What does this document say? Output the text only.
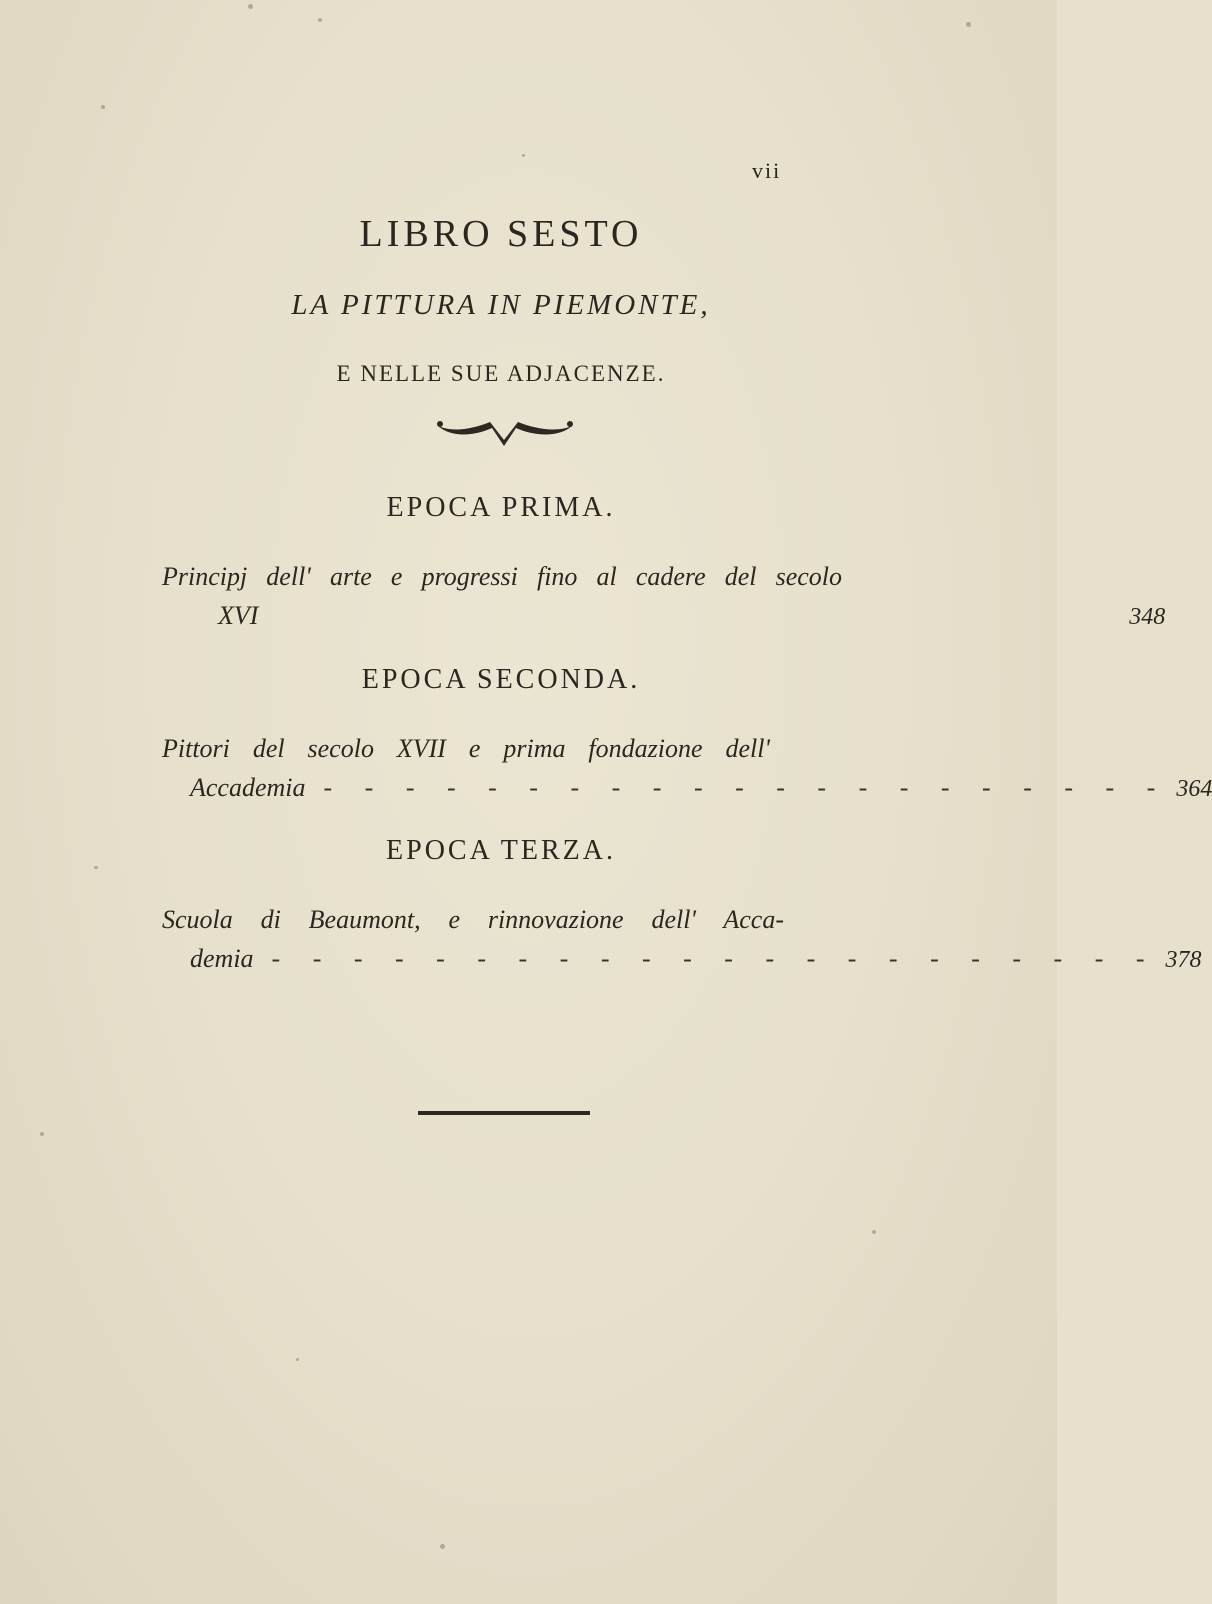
vii
LIBRO SESTO
LA PITTURA IN PIEMONTE,
E NELLE SUE ADJACENZE.
EPOCA PRIMA.
Principj dell' arte e progressi fino al cadere del secolo
XVI	348
EPOCA SECONDA.
Pittori del secolo XVII e prima fondazione dell'
Accademia - - - - - - - - - - - - - - - - - - - - - 364
EPOCA TERZA.
Scuola di Beaumont, e rinnovazione dell' Acca-
demia - - - - - - - - - - - - - - - - - - - - - - 378
